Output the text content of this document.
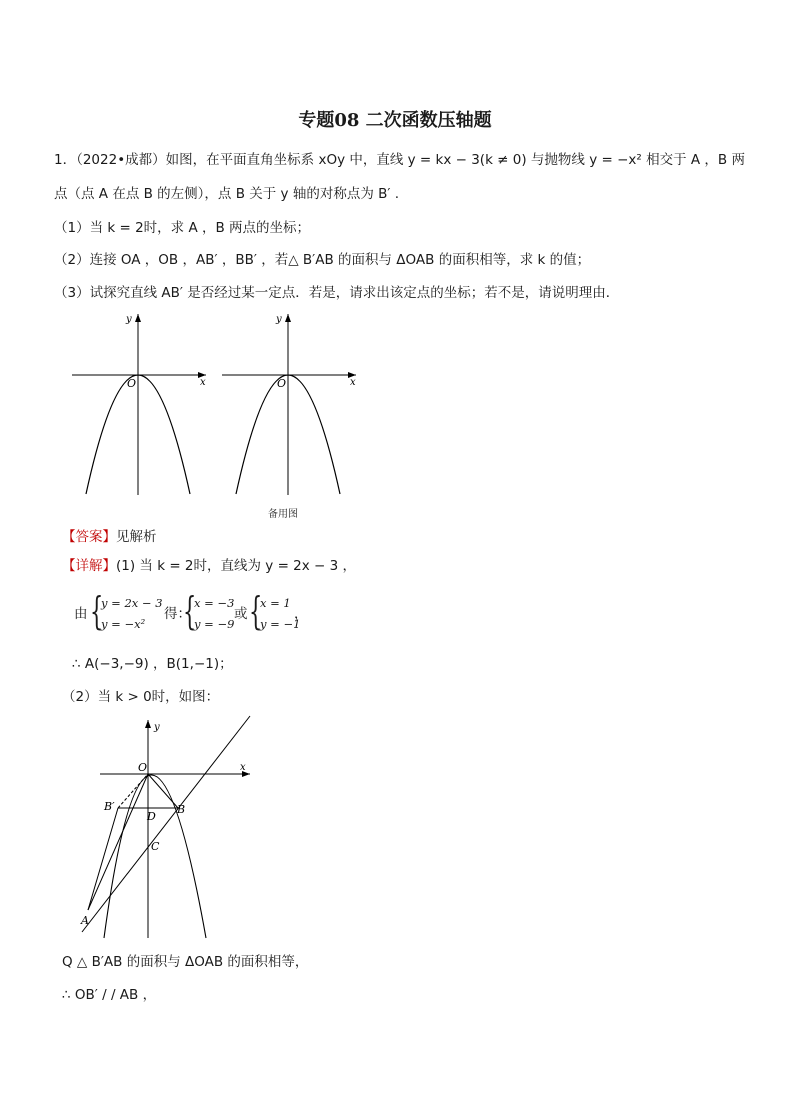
专题08 二次函数压轴题
1．（2022•成都）如图，在平面直角坐标系 xOy 中，直线 y = kx − 3(k ≠ 0) 与抛物线 y = −x² 相交于 A ，B 两
点（点 A 在点 B 的左侧），点 B 关于 y 轴的对称点为 B′ .
（1）当 k = 2时，求 A ，B 两点的坐标；
（2）连接 OA ，OB ，AB′ ，BB′ ，若△ B′AB 的面积与 ΔOAB 的面积相等，求 k 的值；
（3）试探究直线 AB′ 是否经过某一定点．若是，请求出该定点的坐标；若不是，请说明理由．
x
y
O	x
y
O
备用图
【答案】见解析
【详解】(1) 当 k = 2时，直线为 y = 2x − 3 ，
由 {
y = 2x − 3
y = −x²
得：
{
x = −3
y = −9
或 {
x = 1
y = −1
，
∴ A(−3,−9) ，B(1,−1)；
（2）当 k > 0时，如图：
y
x
O
B′	B
D
C
A
Q △ B′AB 的面积与 ΔOAB 的面积相等，
∴ OB′ / / AB ，
